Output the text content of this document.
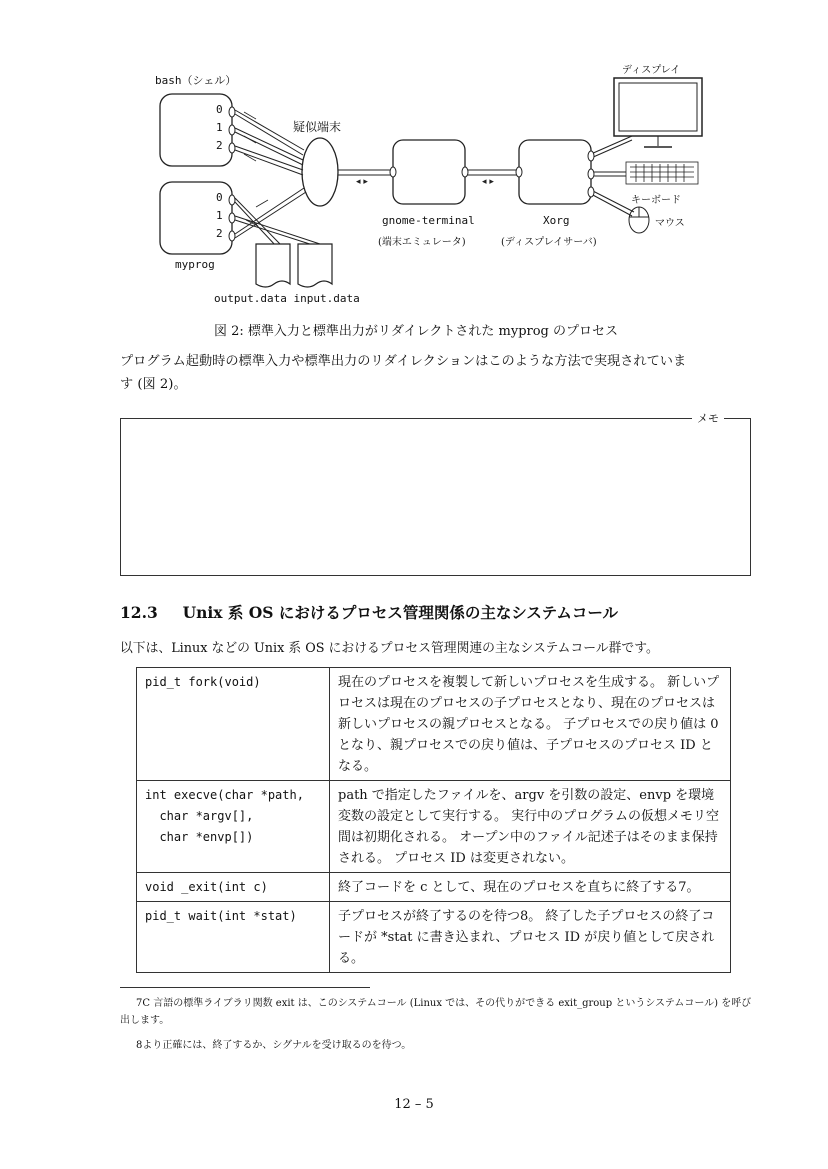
◂ ▸	◂ ▸
bash（シェル）
0
1
2
0
1
2
疑似端末
myprog
gnome-terminal
(端末エミュレータ)
Xorg
(ディスプレイサーバ)
ディスプレイ
キーボード
マウス
output.data input.data
図 2: 標準入力と標準出力がリダイレクトされた myprog のプロセス
プログラム起動時の標準入力や標準出力のリダイレクションはこのような方法で実現されていま
す (図 2)。
メモ
12.3 Unix 系 OS におけるプロセス管理関係の主なシステムコール
以下は、Linux などの Unix 系 OS におけるプロセス管理関連の主なシステムコール群です。
pid_t fork(void)	現在のプロセスを複製して新しいプロセスを生成する。 新しいプロセスは現在のプロセスの子プロセスとなり、現在のプロセスは新しいプロセスの親プロセスとなる。 子プロセスでの戻り値は 0 となり、親プロセスでの戻り値は、子プロセスのプロセス ID となる。
int execve(char *path,
char *argv[],
char *envp[])	path で指定したファイルを、argv を引数の設定、envp を環境変数の設定として実行する。 実行中のプログラムの仮想メモリ空間は初期化される。 オープン中のファイル記述子はそのまま保持される。 プロセス ID は変更されない。
void _exit(int c)	終了コードを c として、現在のプロセスを直ちに終了する7。
pid_t wait(int *stat)	子プロセスが終了するのを待つ8。 終了した子プロセスの終了コードが *stat に書き込まれ、プロセス ID が戻り値として戻される。
7C 言語の標準ライブラリ関数 exit は、このシステムコール (Linux では、その代りができる exit_group というシステムコール) を呼び出します。
8より正確には、終了するか、シグナルを受け取るのを待つ。
12 – 5
